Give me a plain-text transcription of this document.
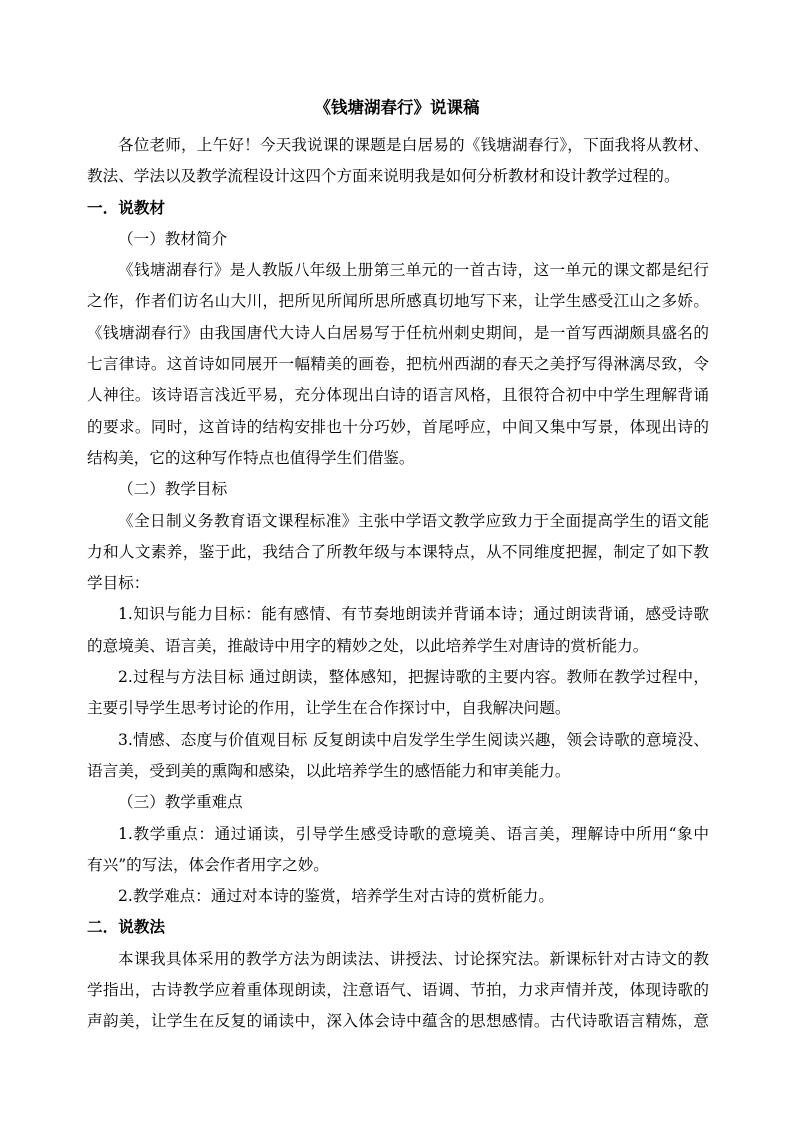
《钱塘湖春行》说课稿
各位老师，上午好！今天我说课的课题是白居易的《钱塘湖春行》，下面我将从教材、
教法、学法以及教学流程设计这四个方面来说明我是如何分析教材和设计教学过程的。
一．说教材
（一）教材简介
《钱塘湖春行》是人教版八年级上册第三单元的一首古诗，这一单元的课文都是纪行
之作，作者们访名山大川，把所见所闻所思所感真切地写下来，让学生感受江山之多娇。
《钱塘湖春行》由我国唐代大诗人白居易写于任杭州刺史期间，是一首写西湖颇具盛名的
七言律诗。这首诗如同展开一幅精美的画卷，把杭州西湖的春天之美抒写得淋漓尽致，令
人神往。该诗语言浅近平易，充分体现出白诗的语言风格，且很符合初中中学生理解背诵
的要求。同时，这首诗的结构安排也十分巧妙，首尾呼应，中间又集中写景，体现出诗的
结构美，它的这种写作特点也值得学生们借鉴。
（二）教学目标
《全日制义务教育语文课程标准》主张中学语文教学应致力于全面提高学生的语文能
力和人文素养，鉴于此，我结合了所教年级与本课特点，从不同维度把握，制定了如下教
学目标：
1.知识与能力目标：能有感情、有节奏地朗读并背诵本诗；通过朗读背诵，感受诗歌
的意境美、语言美，推敲诗中用字的精妙之处，以此培养学生对唐诗的赏析能力。
2.过程与方法目标 通过朗读，整体感知，把握诗歌的主要内容。教师在教学过程中，
主要引导学生思考讨论的作用，让学生在合作探讨中，自我解决问题。
3.情感、态度与价值观目标 反复朗读中启发学生学生阅读兴趣，领会诗歌的意境没、
语言美，受到美的熏陶和感染，以此培养学生的感悟能力和审美能力。
（三）教学重难点
1.教学重点：通过诵读，引导学生感受诗歌的意境美、语言美，理解诗中所用“象中
有兴”的写法，体会作者用字之妙。
2.教学难点：通过对本诗的鉴赏，培养学生对古诗的赏析能力。
二．说教法
本课我具体采用的教学方法为朗读法、讲授法、讨论探究法。新课标针对古诗文的教
学指出，古诗教学应着重体现朗读，注意语气、语调、节拍，力求声情并茂，体现诗歌的
声韵美，让学生在反复的诵读中，深入体会诗中蕴含的思想感情。古代诗歌语言精炼，意
